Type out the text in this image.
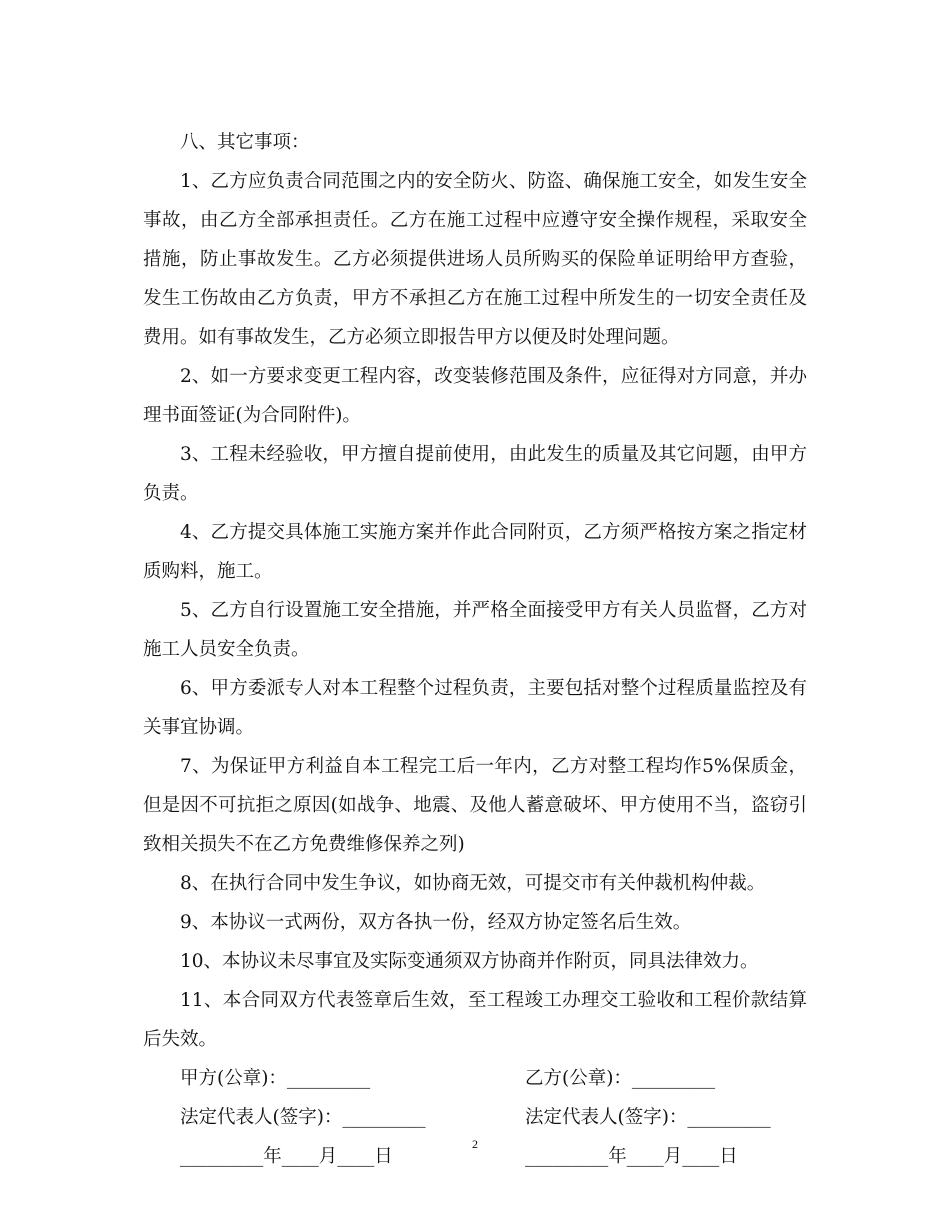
八、其它事项：

1、乙方应负责合同范围之内的安全防火、防盗、确保施工安全，如发生安全事故，由乙方全部承担责任。乙方在施工过程中应遵守安全操作规程，采取安全措施，防止事故发生。乙方必须提供进场人员所购买的保险单证明给甲方查验，发生工伤故由乙方负责，甲方不承担乙方在施工过程中所发生的一切安全责任及费用。如有事故发生，乙方必须立即报告甲方以便及时处理问题。

2、如一方要求变更工程内容，改变装修范围及条件，应征得对方同意，并办理书面签证(为合同附件)。

3、工程未经验收，甲方擅自提前使用，由此发生的质量及其它问题，由甲方负责。

4、乙方提交具体施工实施方案并作此合同附页，乙方须严格按方案之指定材质购料，施工。

5、乙方自行设置施工安全措施，并严格全面接受甲方有关人员监督，乙方对施工人员安全负责。

6、甲方委派专人对本工程整个过程负责，主要包括对整个过程质量监控及有关事宜协调。

7、为保证甲方利益自本工程完工后一年内，乙方对整工程均作5%保质金，但是因不可抗拒之原因(如战争、地震、及他人蓄意破坏、甲方使用不当，盗窃引致相关损失不在乙方免费维修保养之列)

8、在执行合同中发生争议，如协商无效，可提交市有关仲裁机构仲裁。

9、本协议一式两份，双方各执一份，经双方协定签名后生效。

10、本协议未尽事宜及实际变通须双方协商并作附页，同具法律效力。

11、本合同双方代表签章后生效，至工程竣工办理交工验收和工程价款结算后失效。

甲方(公章)：_________	乙方(公章)：_________
法定代表人(签字)：_________	法定代表人(签字)：_________
_________年____月____日	_________年____月____日
2
